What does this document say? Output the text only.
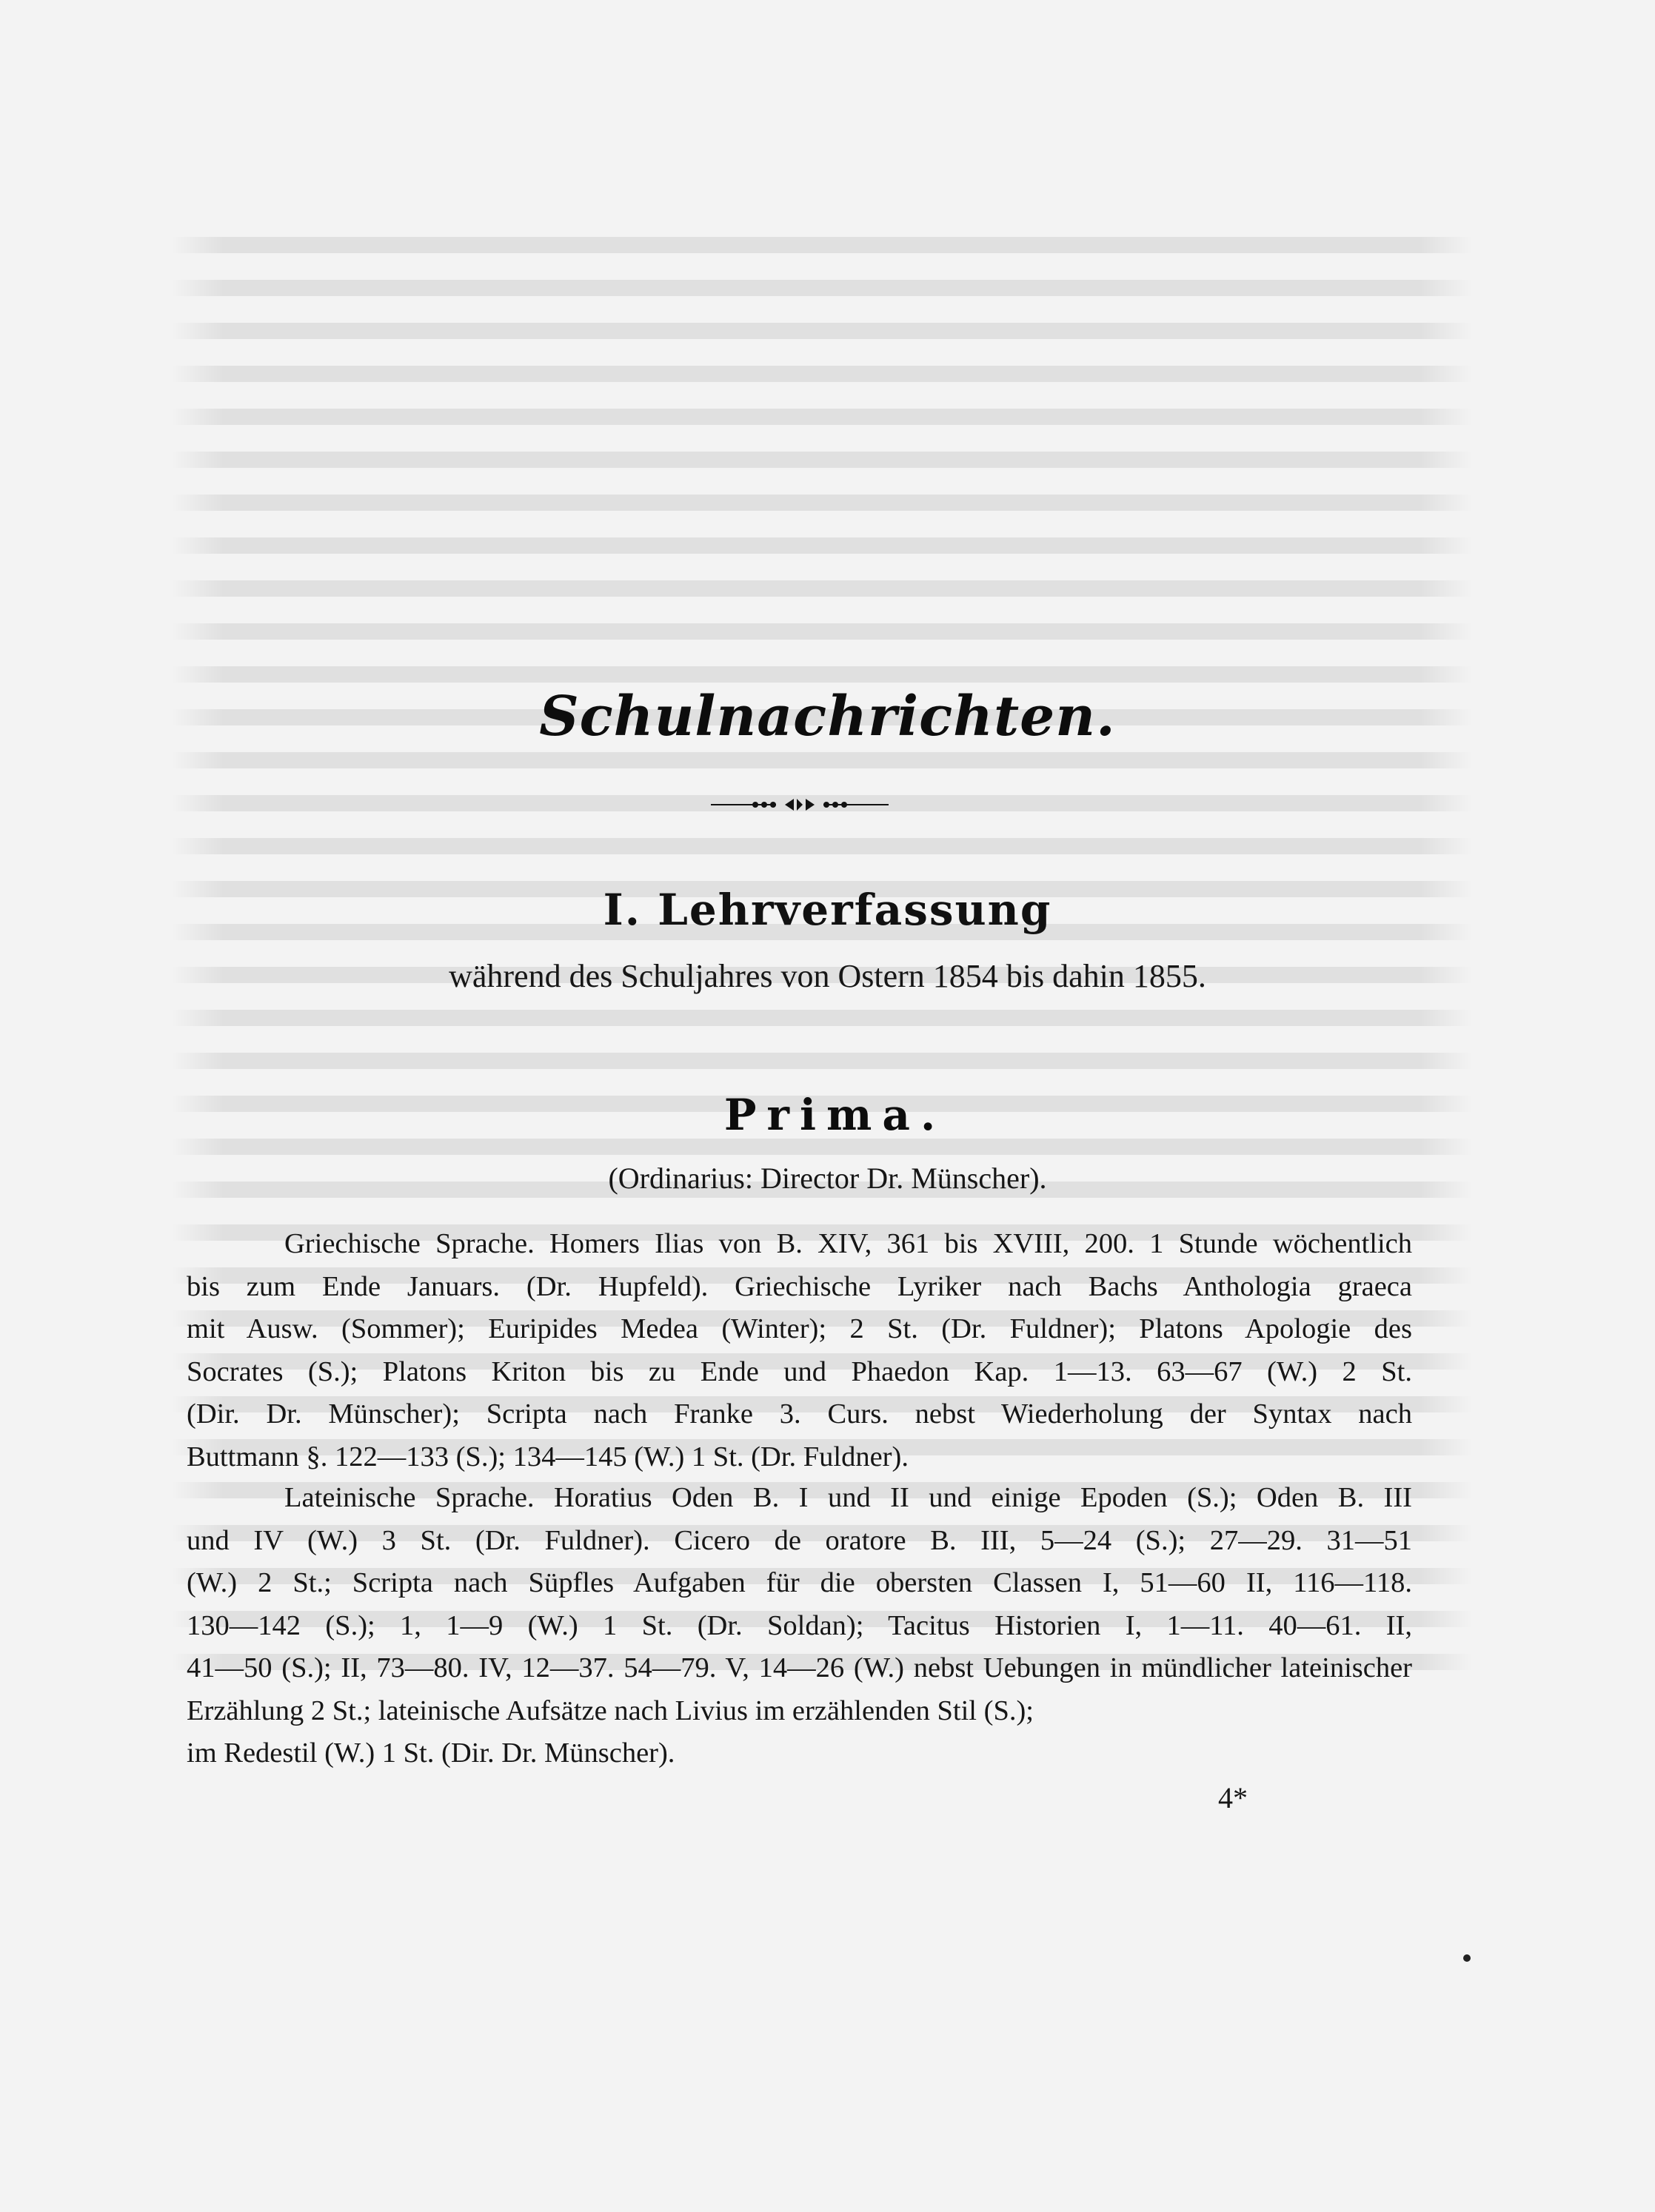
Schulnachrichten.
I. Lehrverfassung
während des Schuljahres von Ostern 1854 bis dahin 1855.
Prima.
(Ordinarius: Director Dr. Münscher).
Griechische Sprache. Homers Ilias von B. XIV, 361 bis XVIII, 200. 1 Stunde wöchentlich
bis zum Ende Januars. (Dr. Hupfeld). Griechische Lyriker nach Bachs Anthologia graeca
mit Ausw. (Sommer); Euripides Medea (Winter); 2 St. (Dr. Fuldner); Platons Apologie des
Socrates (S.); Platons Kriton bis zu Ende und Phaedon Kap. 1—13. 63—67 (W.) 2 St.
(Dir. Dr. Münscher); Scripta nach Franke 3. Curs. nebst Wiederholung der Syntax nach
Buttmann §. 122—133 (S.); 134—145 (W.) 1 St. (Dr. Fuldner).
Lateinische Sprache. Horatius Oden B. I und II und einige Epoden (S.); Oden B. III
und IV (W.) 3 St. (Dr. Fuldner). Cicero de oratore B. III, 5—24 (S.); 27—29. 31—51
(W.) 2 St.; Scripta nach Süpfles Aufgaben für die obersten Classen I, 51—60 II, 116—118.
130—142 (S.); 1, 1—9 (W.) 1 St. (Dr. Soldan); Tacitus Historien I, 1—11. 40—61. II,
41—50 (S.); II, 73—80. IV, 12—37. 54—79. V, 14—26 (W.) nebst Uebungen in mündlicher lateinischer Erzählung 2 St.; lateinische Aufsätze nach Livius im erzählenden Stil (S.);
im Redestil (W.) 1 St. (Dir. Dr. Münscher).
4*
